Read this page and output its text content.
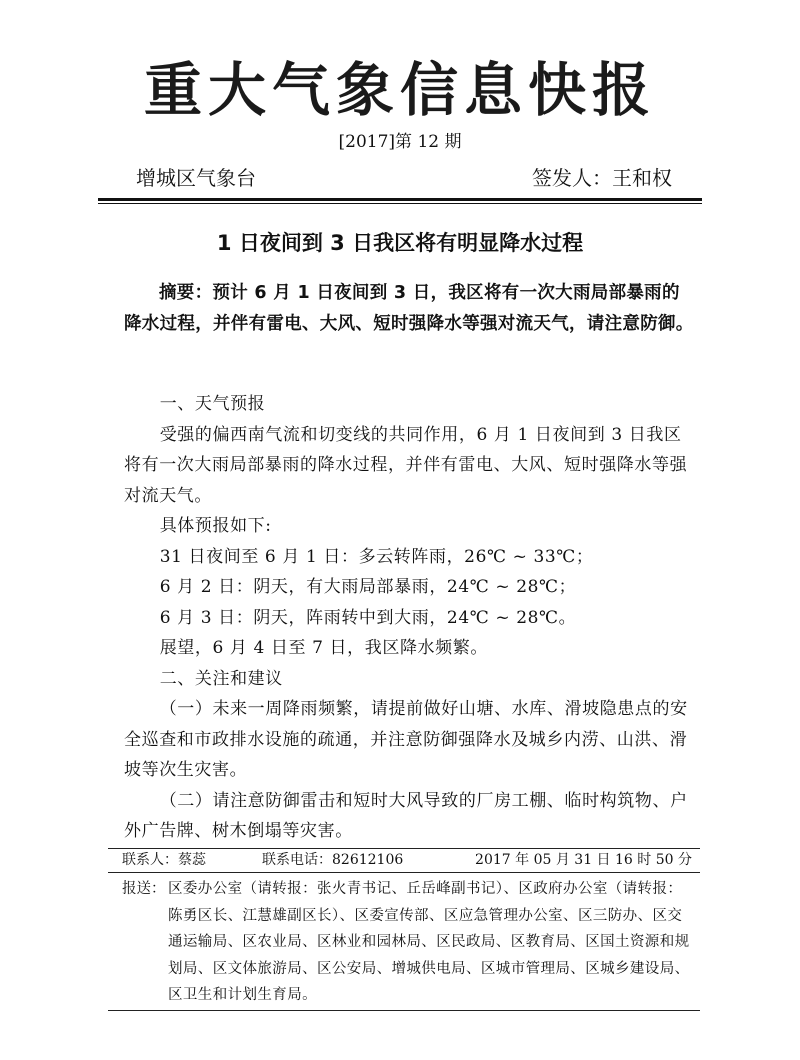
重大气象信息快报
[2017]第 12 期
增城区气象台	签发人：王和权
1 日夜间到 3 日我区将有明显降水过程
摘要：预计 6 月 1 日夜间到 3 日，我区将有一次大雨局部暴雨的降水过程，并伴有雷电、大风、短时强降水等强对流天气，请注意防御。

一、天气预报

受强的偏西南气流和切变线的共同作用，6 月 1 日夜间到 3 日我区将有一次大雨局部暴雨的降水过程，并伴有雷电、大风、短时强降水等强对流天气。

具体预报如下:

31 日夜间至 6 月 1 日：多云转阵雨，26℃ ~ 33℃；

6 月 2 日：阴天，有大雨局部暴雨，24℃ ~ 28℃；

6 月 3 日：阴天，阵雨转中到大雨，24℃ ~ 28℃。

展望，6 月 4 日至 7 日，我区降水频繁。

二、关注和建议

（一）未来一周降雨频繁，请提前做好山塘、水库、滑坡隐患点的安全巡查和市政排水设施的疏通，并注意防御强降水及城乡内涝、山洪、滑坡等次生灾害。

（二）请注意防御雷击和短时大风导致的厂房工棚、临时构筑物、户外广告牌、树木倒塌等灾害。

联系人：蔡蕊	联系电话：82612106	2017 年 05 月 31 日 16 时 50 分
报送： 区委办公室（请转报：张火青书记、丘岳峰副书记）、区政府办公室（请转报：陈勇区长、江慧雄副区长）、区委宣传部、区应急管理办公室、区三防办、区交通运输局、区农业局、区林业和园林局、区民政局、区教育局、区国土资源和规划局、区文体旅游局、区公安局、增城供电局、区城市管理局、区城乡建设局、区卫生和计划生育局。
